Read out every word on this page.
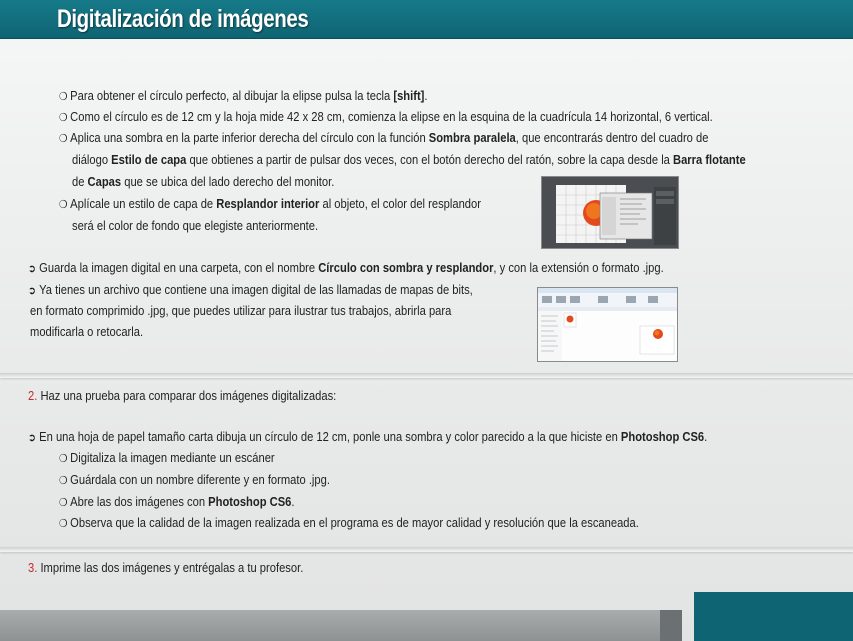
Digitalización de imágenes
❍ Para obtener el círculo perfecto, al dibujar la elipse pulsa la tecla [shift].
❍ Como el círculo es de 12 cm y la hoja mide 42 x 28 cm, comienza la elipse en la esquina de la cuadrícula 14 horizontal, 6 vertical.
❍ Aplica una sombra en la parte inferior derecha del círculo con la función Sombra paralela, que encontrarás dentro del cuadro de
diálogo Estilo de capa que obtienes a partir de pulsar dos veces, con el botón derecho del ratón, sobre la capa desde la Barra flotante
de Capas que se ubica del lado derecho del monitor.
❍ Aplícale un estilo de capa de Resplandor interior al objeto, el color del resplandor
será el color de fondo que elegiste anteriormente.
➲ Guarda la imagen digital en una carpeta, con el nombre Círculo con sombra y resplandor, y con la extensión o formato .jpg.
➲ Ya tienes un archivo que contiene una imagen digital de las llamadas de mapas de bits,
en formato comprimido .jpg, que puedes utilizar para ilustrar tus trabajos, abrirla para
modificarla o retocarla.
2. Haz una prueba para comparar dos imágenes digitalizadas:
➲ En una hoja de papel tamaño carta dibuja un círculo de 12 cm, ponle una sombra y color parecido a la que hiciste en Photoshop CS6.
❍ Digitaliza la imagen mediante un escáner
❍ Guárdala con un nombre diferente y en formato .jpg.
❍ Abre las dos imágenes con Photoshop CS6.
❍ Observa que la calidad de la imagen realizada en el programa es de mayor calidad y resolución que la escaneada.
3. Imprime las dos imágenes y entrégalas a tu profesor.
